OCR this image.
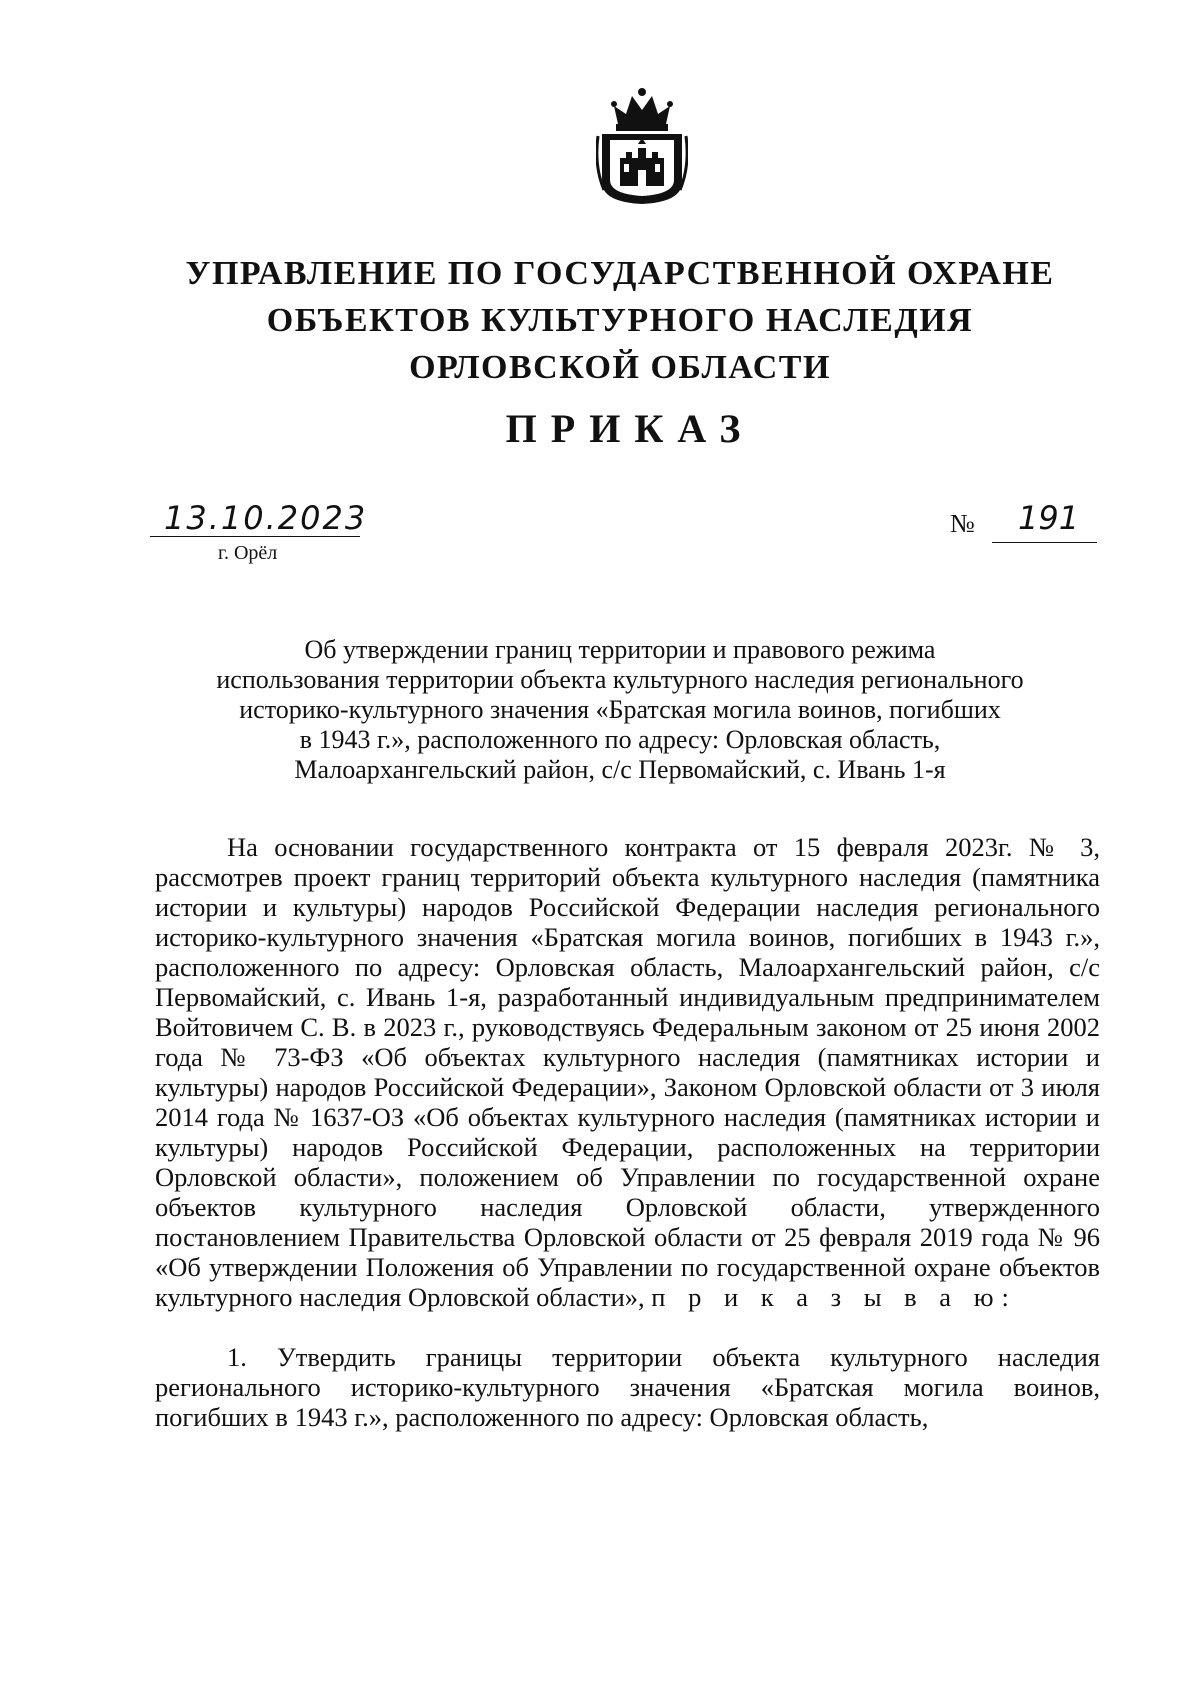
УПРАВЛЕНИЕ ПО ГОСУДАРСТВЕННОЙ ОХРАНЕ
ОБЪЕКТОВ КУЛЬТУРНОГО НАСЛЕДИЯ
ОРЛОВСКОЙ ОБЛАСТИ
ПРИКАЗ
13.10.2023
г. Орёл
№ 191
Об утверждении границ территории и правового режима
использования территории объекта культурного наследия регионального
историко-культурного значения «Братская могила воинов, погибших
в 1943 г.», расположенного по адресу: Орловская область,
Малоархангельский район, с/с Первомайский, с. Ивань 1-я

На основании государственного контракта от 15 февраля 2023г. № 3, рассмотрев проект границ территорий объекта культурного наследия (памятника истории и культуры) народов Российской Федерации наследия регионального историко-культурного значения «Братская могила воинов, погибших в 1943 г.», расположенного по адресу: Орловская область, Малоархангельский район, с/с Первомайский, с. Ивань 1-я, разработанный индивидуальным предпринимателем Войтовичем С. В. в 2023 г., руководствуясь Федеральным законом от 25 июня 2002 года № 73-ФЗ «Об объектах культурного наследия (памятниках истории и культуры) народов Российской Федерации», Законом Орловской области от 3 июля 2014 года № 1637-ОЗ «Об объектах культурного наследия (памятниках истории и культуры) народов Российской Федерации, расположенных на территории Орловской области», положением об Управлении по государственной охране объектов культурного наследия Орловской области, утвержденного постановлением Правительства Орловской области от 25 февраля 2019 года № 96 «Об утверждении Положения об Управлении по государственной охране объектов культурного наследия Орловской области», п р и к а з ы в а ю:

1. Утвердить границы территории объекта культурного наследия регионального историко-культурного значения «Братская могила воинов, погибших в 1943 г.», расположенного по адресу: Орловская область,
